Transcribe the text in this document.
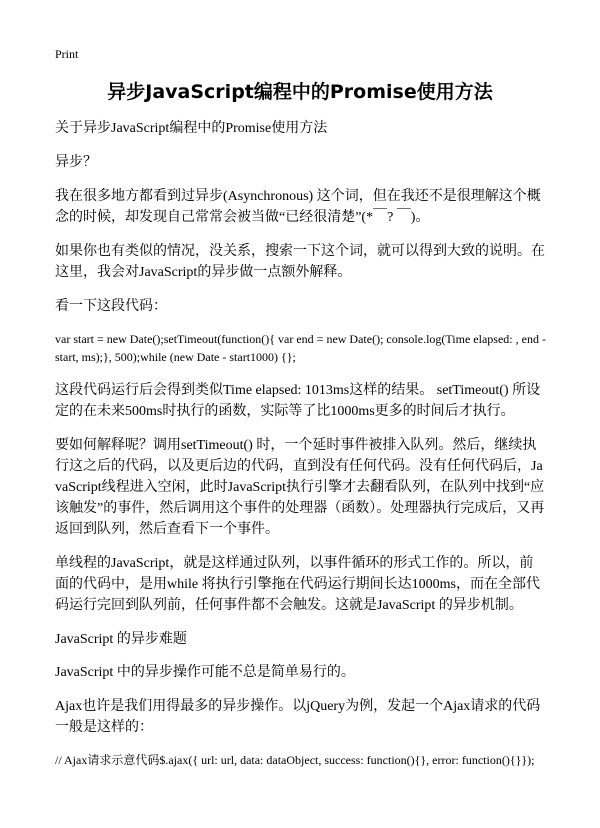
Print
异步JavaScript编程中的Promise使用方法

关于异步JavaScript编程中的Promise使用方法

异步？

我在很多地方都看到过异步(Asynchronous) 这个词，但在我还不是很理解这个概念的时候，却发现自己常常会被当做“已经很清楚”(*￣? ￣)。

如果你也有类似的情况，没关系，搜索一下这个词，就可以得到大致的说明。在这里，我会对JavaScript的异步做一点额外解释。

看一下这段代码：

var start = new Date();setTimeout(function(){ var end = new Date(); console.log(Time elapsed: , end - start, ms);}, 500);while (new Date - start1000) {};

这段代码运行后会得到类似Time elapsed: 1013ms这样的结果。 setTimeout() 所设定的在未来500ms时执行的函数，实际等了比1000ms更多的时间后才执行。

要如何解释呢？调用setTimeout() 时，一个延时事件被排入队列。然后，继续执行这之后的代码，以及更后边的代码，直到没有任何代码。没有任何代码后，JavaScript线程进入空闲，此时JavaScript执行引擎才去翻看队列，在队列中找到“应该触发”的事件，然后调用这个事件的处理器（函数）。处理器执行完成后，又再返回到队列，然后查看下一个事件。

单线程的JavaScript，就是这样通过队列，以事件循环的形式工作的。所以，前面的代码中，是用while 将执行引擎拖在代码运行期间长达1000ms，而在全部代码运行完回到队列前，任何事件都不会触发。这就是JavaScript 的异步机制。

JavaScript 的异步难题

JavaScript 中的异步操作可能不总是简单易行的。

Ajax也许是我们用得最多的异步操作。以jQuery为例，发起一个Ajax请求的代码一般是这样的：

// Ajax请求示意代码$.ajax({ url: url, data: dataObject, success: function(){}, error: function(){}});
